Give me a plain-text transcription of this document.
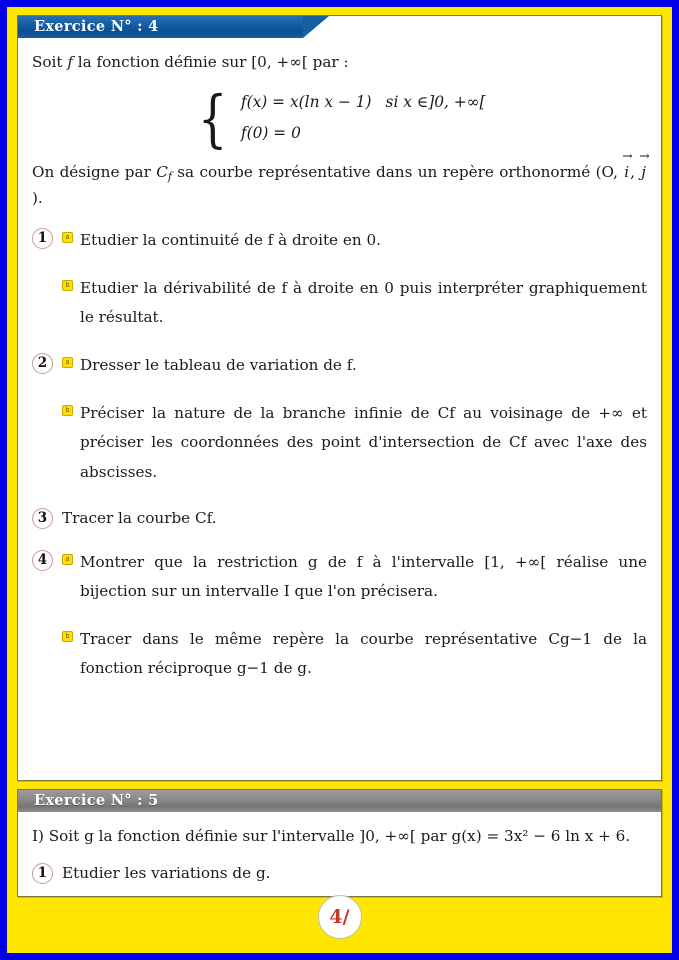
Exercice N° : 4
Soit f la fonction définie sur [0, +∞[ par :
{ f(x) = x(ln x − 1) si x ∈]0, +∞[
f(0) = 0
On désigne par $C_f$ sa courbe représentative dans un repère orthonormé (O, → i, → j).
1	a Etudier la continuité de f à droite en 0.
b Etudier la dérivabilité de f à droite en 0 puis interpréter graphiquement le résultat.
2	a Dresser le tableau de variation de f.
b Préciser la nature de la branche infinie de Cf au voisinage de +∞ et préciser les coordonnées des point d'intersection de Cf avec l'axe des abscisses.
3 Tracer la courbe Cf.
4	a Montrer que la restriction g de f à l'intervalle [1, +∞[ réalise une bijection sur un intervalle I que l'on précisera.
b Tracer dans le même repère la courbe représentative Cg−1 de la fonction réciproque g−1 de g.
Exercice N° : 5
I) Soit g la fonction définie sur l'intervalle ]0, +∞[ par g(x) = 3x² − 6 ln x + 6.
1 Etudier les variations de g.
4/
